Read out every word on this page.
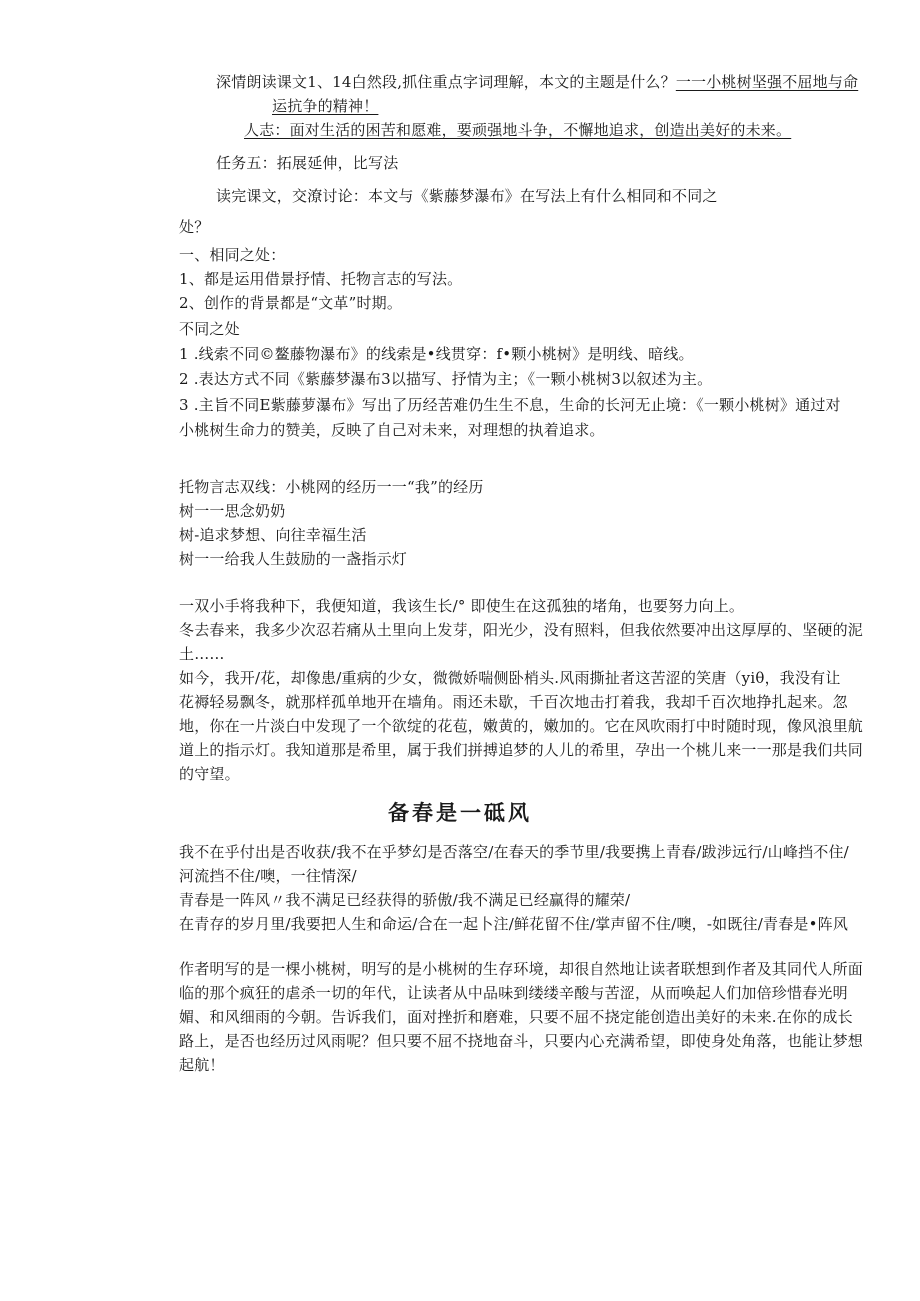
深情朗读课文1、14白然段,抓住重点字词理解，本文的主题是什么？一一小桃树坚强不屈地与命
运抗争的精神！
人志：面对生活的困苦和愿难，要顽强地斗争，不懈地追求，创造出美好的未来。
任务五：拓展延伸，比写法
读完课文，交潦讨论：本文与《紫藤梦瀑布》在写法上有什么相同和不同之
处？
一、相同之处：
1、都是运用借景抒情、托物言志的写法。
2、创作的背景都是“文革”时期。
不同之处
1 .线索不同©鳌藤物瀑布》的线索是•线贯穿：f•颗小桃树》是明线、暗线。
2 .表达方式不同《紫藤梦瀑布3以描写、抒情为主；《一颗小桃树3以叙述为主。
3 .主旨不同E紫藤萝瀑布》写出了历经苦难仍生生不息，生命的长河无止境：《一颗小桃树》通过对
小桃树生命力的赞美，反映了自己对未来，对理想的执着追求。
托物言志双线：小桃网的经历一一“我”的经历
树一一思念奶奶
树-追求梦想、向往幸福生活
树一一给我人生鼓励的一盏指示灯
一双小手将我种下，我便知道，我该生长/° 即使生在这孤独的堵角，也要努力向上。
冬去春来，我多少次忍若痛从土里向上发芽，阳光少，没有照料，但我依然要冲出这厚厚的、坚硬的泥
土……
如今，我开/花，却像患/重病的少女，微微娇喘侧卧梢头.风雨撕扯者这苦涩的笑唐（yiθ，我没有让
花褥轻易飘冬，就那样孤单地开在墙角。雨还未歇，千百次地击打着我，我却千百次地挣扎起来。忽
地，你在一片淡白中发现了一个欲绽的花苞，嫩黄的，嫩加的。它在风吹雨打中时随时现，像风浪里航
道上的指示灯。我知道那是希里，属于我们拼搏追梦的人儿的希里，孕出一个桃儿来一一那是我们共同
的守望。
备春是一砥风
我不在乎付出是否收获/我不在乎梦幻是否落空/在春天的季节里/我要携上青春/跋涉远行/山峰挡不住/
河流挡不住/噢，一往情深/
青春是一阵风〃我不满足已经获得的骄傲/我不满足已经赢得的耀荣/
在青存的岁月里/我要把人生和命运/合在一起卜注/鲜花留不住/掌声留不住/噢，-如既往/青春是•阵风
作者明写的是一棵小桃树，明写的是小桃树的生存环境，却很自然地让读者联想到作者及其同代人所面
临的那个疯狂的虐杀一切的年代，让读者从中品味到缕缕辛酸与苦涩，从而唤起人们加倍珍惜春光明
媚、和风细雨的今朝。告诉我们，面对挫折和磨难，只要不屈不挠定能创造出美好的未来.在你的成长
路上，是否也经历过风雨呢？但只要不屈不挠地奋斗，只要内心充满希望，即使身处角落，也能让梦想
起航！
